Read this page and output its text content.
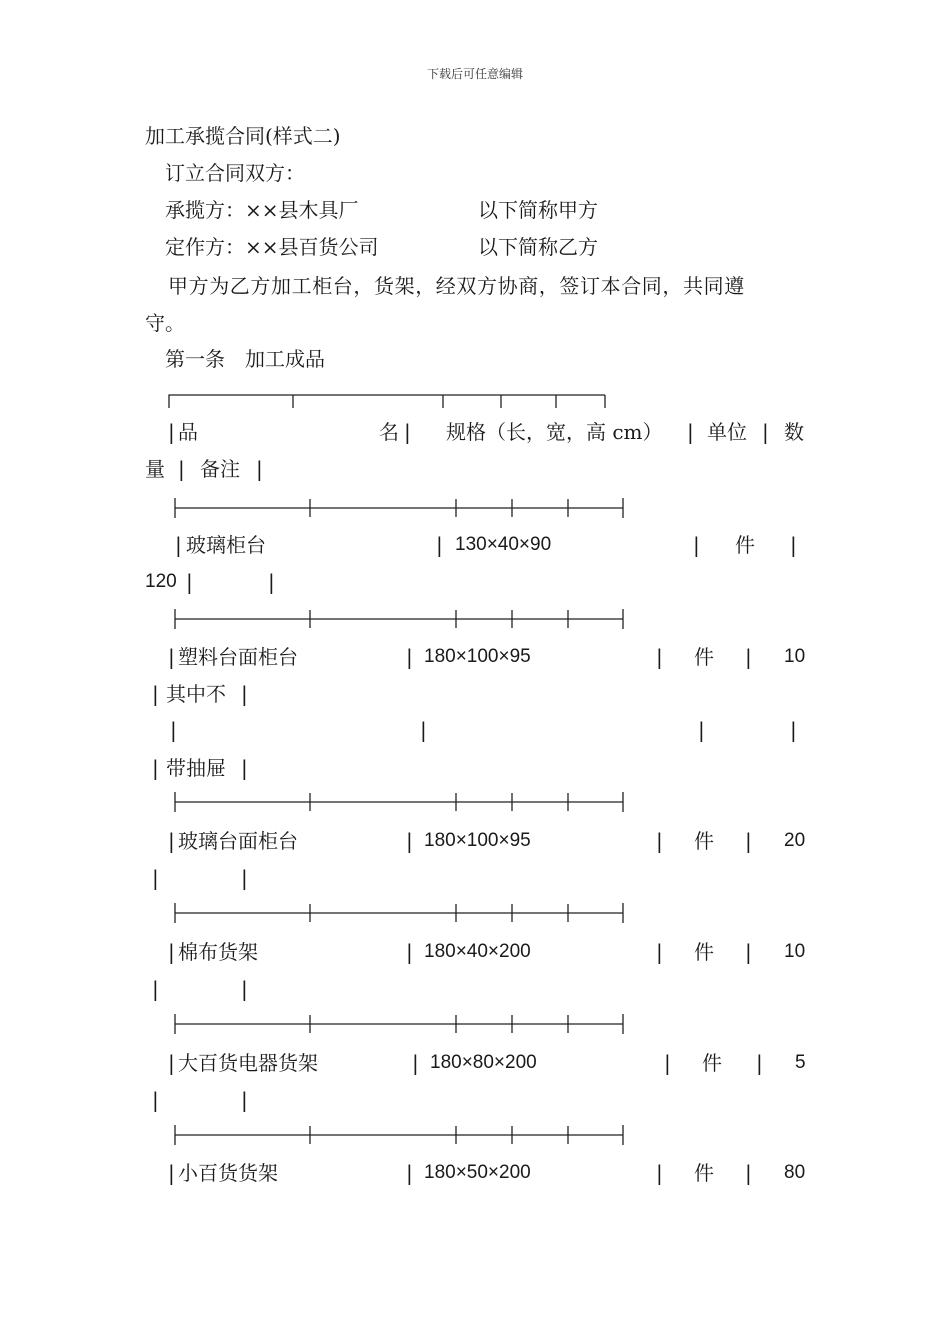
下载后可任意编辑
加工承揽合同(样式二)
订立合同双方：
承揽方：××县木具厂	以下简称甲方
定作方：××县百货公司	以下简称乙方
甲方为乙方加工柜台，货架，经双方协商，签订本合同，共同遵
守。
第一条　加工成品
| 品	名 | 规格（长，宽，高 cm） | 单位 | 数
量 | 备注 |
| 玻璃柜台	| 130×40×90	| 件 |
120 |	|
| 塑料台面柜台	| 180×100×95	| 件 | 10
| 其中不 |
|	|	|	|
| 带抽屉 |
| 玻璃台面柜台	| 180×100×95	| 件 | 20
|	|
| 棉布货架	| 180×40×200	| 件 | 10
|	|
| 大百货电器货架	| 180×80×200	| 件 | 5
|	|
| 小百货货架	| 180×50×200	| 件 | 80
